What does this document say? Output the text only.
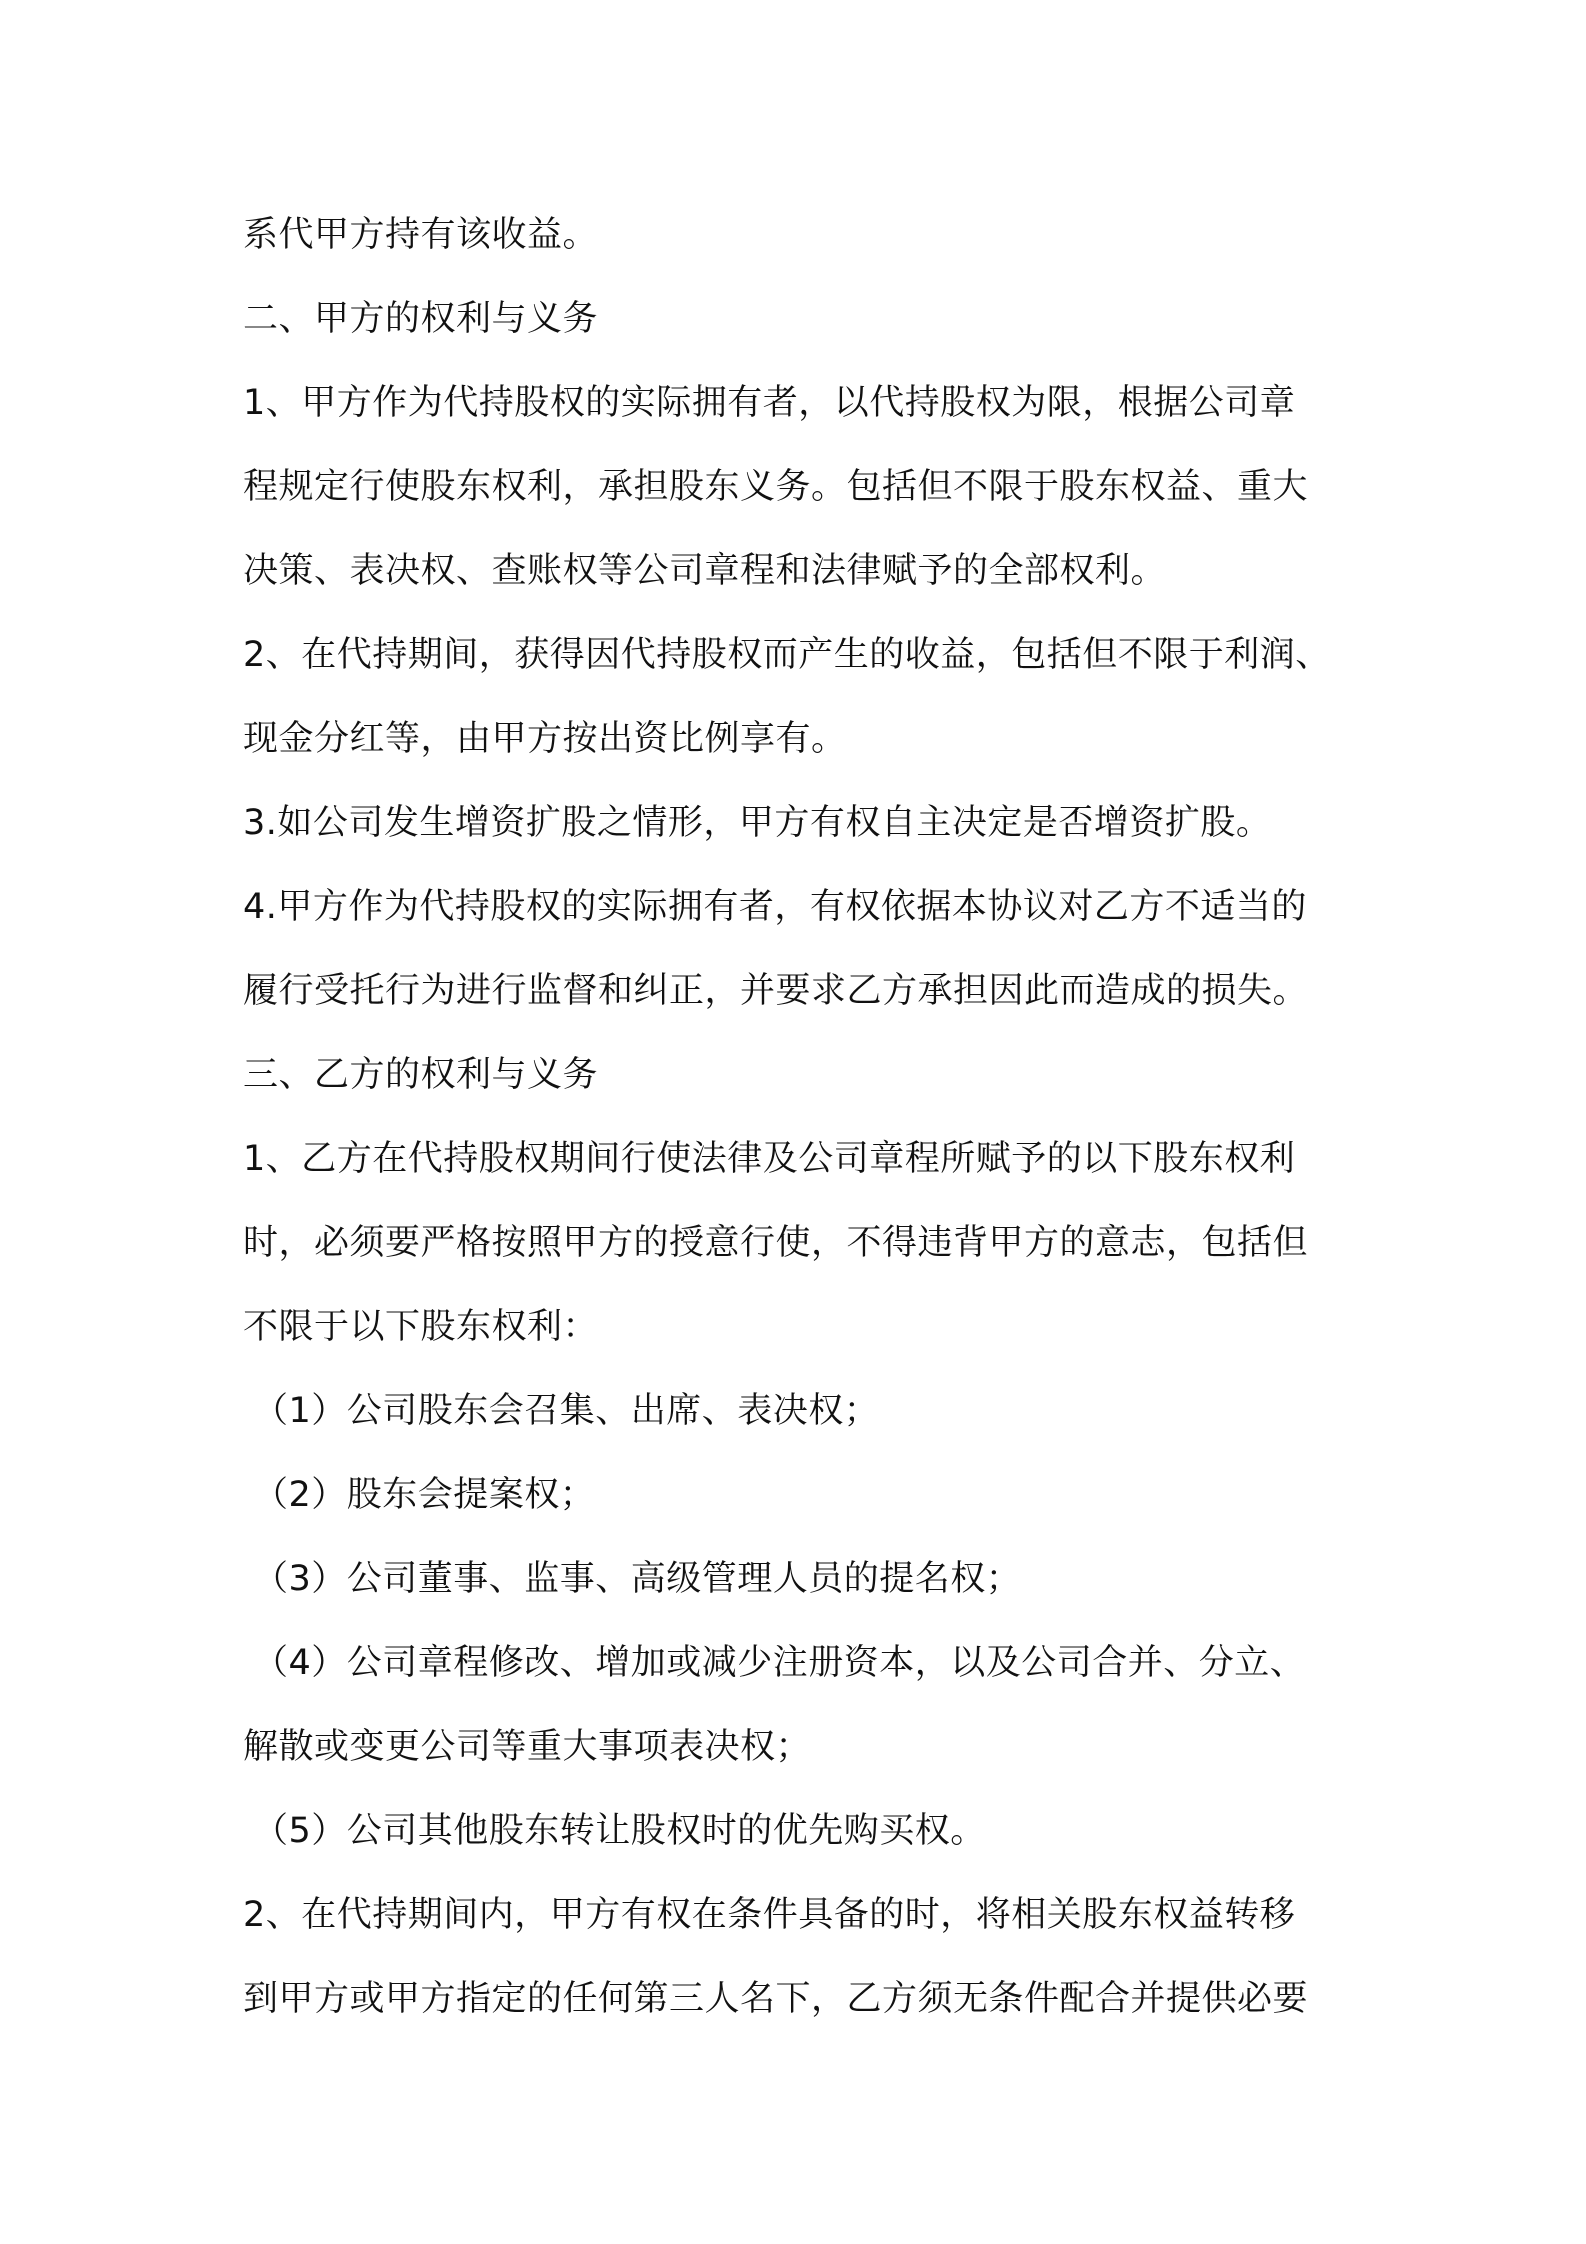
系代甲方持有该收益。
二、甲方的权利与义务
1、甲方作为代持股权的实际拥有者，以代持股权为限，根据公司章
程规定行使股东权利，承担股东义务。包括但不限于股东权益、重大
决策、表决权、查账权等公司章程和法律赋予的全部权利。
2、在代持期间，获得因代持股权而产生的收益，包括但不限于利润、
现金分红等，由甲方按出资比例享有。
3.如公司发生增资扩股之情形，甲方有权自主决定是否增资扩股。
4.甲方作为代持股权的实际拥有者，有权依据本协议对乙方不适当的
履行受托行为进行监督和纠正，并要求乙方承担因此而造成的损失。
三、乙方的权利与义务
1、乙方在代持股权期间行使法律及公司章程所赋予的以下股东权利
时，必须要严格按照甲方的授意行使，不得违背甲方的意志，包括但
不限于以下股东权利：
（1）公司股东会召集、出席、表决权；
（2）股东会提案权；
（3）公司董事、监事、高级管理人员的提名权；
（4）公司章程修改、增加或减少注册资本，以及公司合并、分立、
解散或变更公司等重大事项表决权；
（5）公司其他股东转让股权时的优先购买权。
2、在代持期间内，甲方有权在条件具备的时，将相关股东权益转移
到甲方或甲方指定的任何第三人名下，乙方须无条件配合并提供必要
